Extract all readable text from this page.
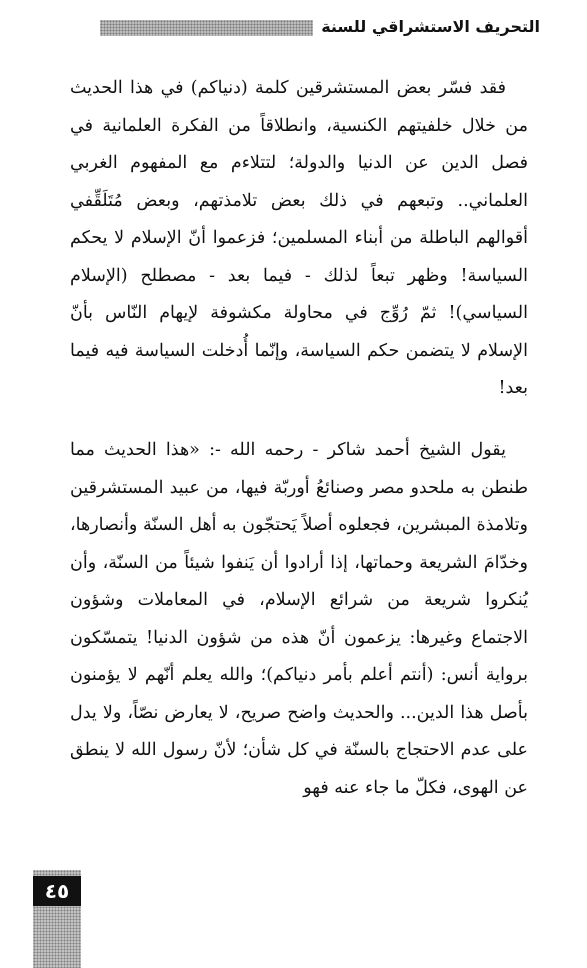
التحريف الاستشراقي للسنة

فقد فسّر بعض المستشرقين كلمة (دنياكم) في هذا الحديث من خلال خلفيتهم الكنسية، وانطلاقاً من الفكرة العلمانية في فصل الدين عن الدنيا والدولة؛ لتتلاءم مع المفهوم الغربي العلماني.. وتبعهم في ذلك بعض تلامذتهم، وبعض مُتَلَقِّفي أقوالهم الباطلة من أبناء المسلمين؛ فزعموا أنّ الإسلام لا يحكم السياسة! وظهر تبعاً لذلك - فيما بعد - مصطلح (الإسلام السياسي)! ثمّ رُوِّج في محاولة مكشوفة لإيهام النّاس بأنّ الإسلام لا يتضمن حكم السياسة، وإنّما أُدخلت السياسة فيه فيما بعد!

يقول الشيخ أحمد شاكر - رحمه الله -: «هذا الحديث مما طنطن به ملحدو مصر وصنائعُ أوربّة فيها، من عبيد المستشرقين وتلامذة المبشرين، فجعلوه أصلاً يَحتجّون به أهل السنّة وأنصارها، وخدّامَ الشريعة وحماتها، إذا أرادوا أن يَنفوا شيئاً من السنّة، وأن يُنكروا شريعة من شرائع الإسلام، في المعاملات وشؤون الاجتماع وغيرها: يزعمون أنّ هذه من شؤون الدنيا! يتمسّكون برواية أنس: (أنتم أعلم بأمر دنياكم)؛ والله يعلم أنّهم لا يؤمنون بأصل هذا الدين... والحديث واضح صريح، لا يعارض نصّاً، ولا يدل على عدم الاحتجاج بالسنّة في كل شأن؛ لأنّ رسول الله لا ينطق عن الهوى، فكلّ ما جاء عنه فهو

٤٥
